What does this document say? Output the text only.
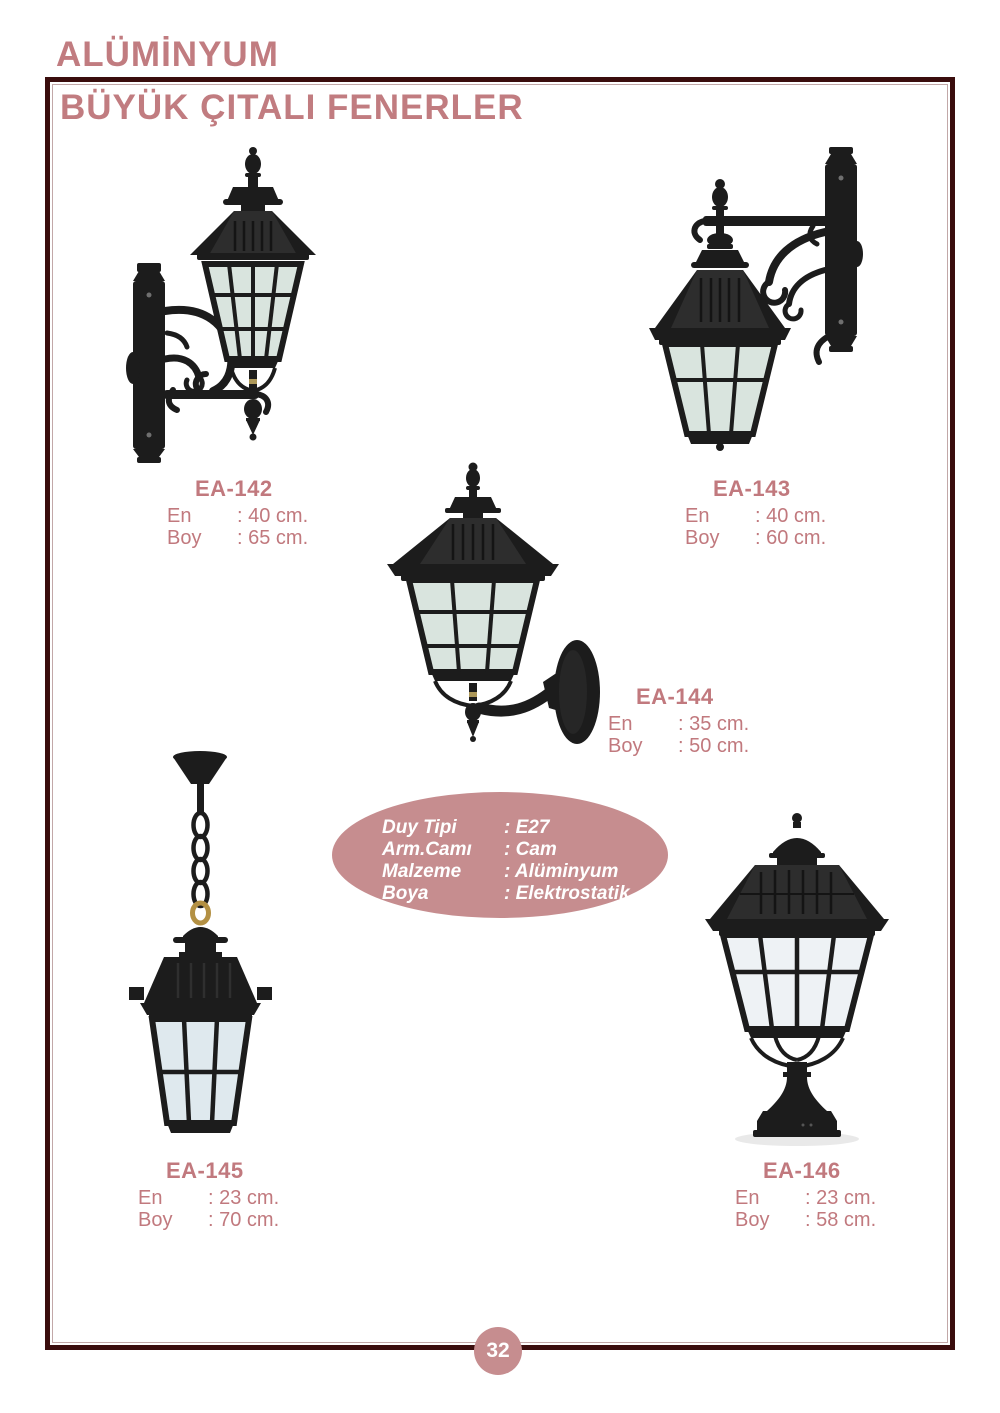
ALÜMİNYUM
BÜYÜK ÇITALI FENERLER
EA-142
En	: 40 cm.
Boy	: 65 cm.
EA-143
En	: 40 cm.
Boy	: 60 cm.
EA-144
En	: 35 cm.
Boy	: 50 cm.
EA-145
En	: 23 cm.
Boy	: 70 cm.
EA-146
En	: 23 cm.
Boy	: 58 cm.
Duy Tipi	: E27
Arm.Camı	: Cam
Malzeme	: Alüminyum
Boya	: Elektrostatik
32
